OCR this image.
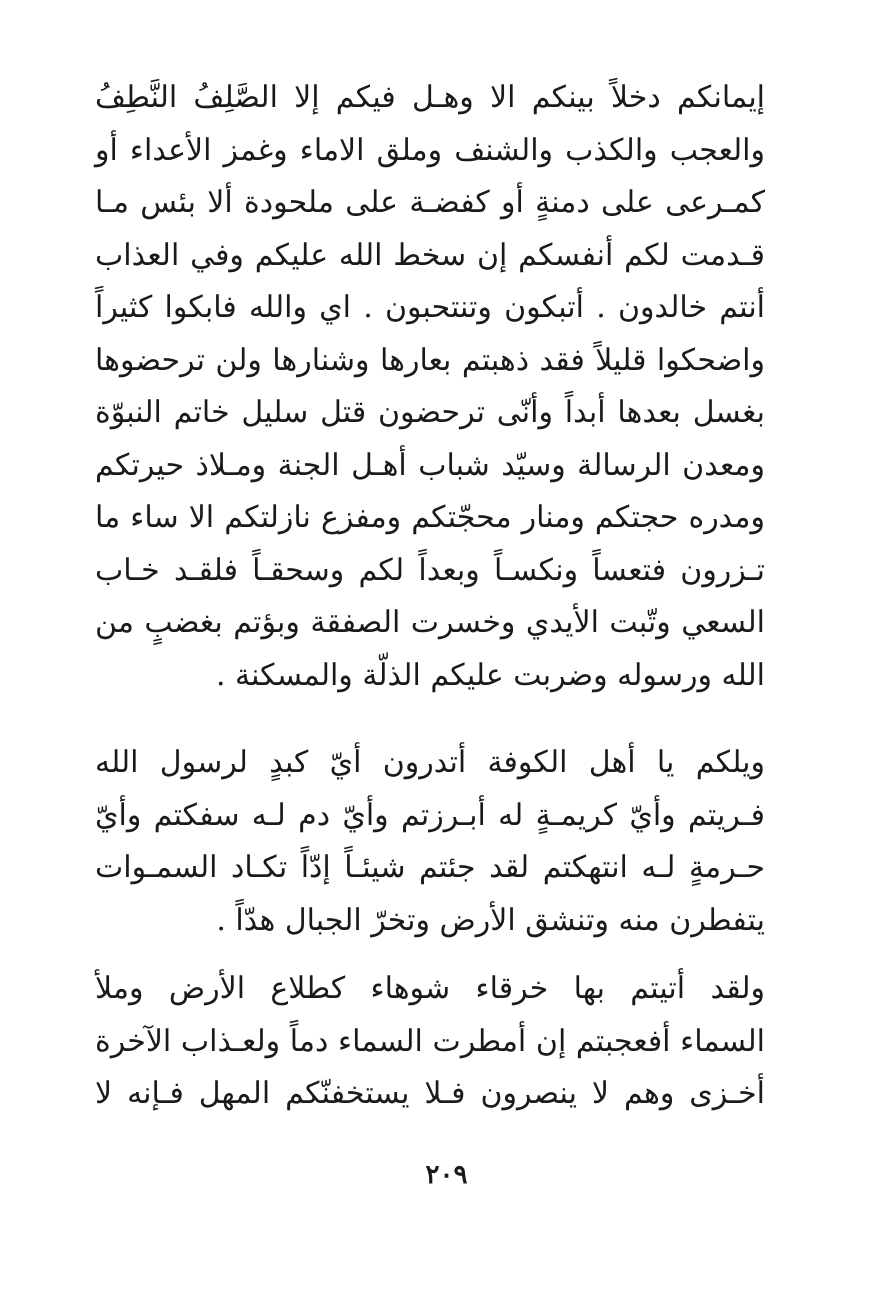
إيمانكم دخلاً بينكم الا وهـل فيكم إلا الصَّلِفُ النَّطِفُ
والعجب والكذب والشنف وملق الاماء وغمز الأعداء أو
كمـرعى على دمنةٍ أو كفضـة على ملحودة ألا بئس مـا
قـدمت لكم أنفسكم إن سخط الله عليكم وفي العذاب
أنتم خالدون . أتبكون وتنتحبون . اي والله فابكوا كثيراً
واضحكوا قليلاً فقد ذهبتم بعارها وشنارها ولن ترحضوها
بغسل بعدها أبداً وأنّى ترحضون قتل سليل خاتم النبوّة
ومعدن الرسالة وسيّد شباب أهـل الجنة ومـلاذ حيرتكم
ومدره حجتكم ومنار محجّتكم ومفزع نازلتكم الا ساء ما
تـزرون فتعساً ونكسـاً وبعداً لكم وسحقـاً فلقـد خـاب
السعي وتّبت الأيدي وخسرت الصفقة وبؤتم بغضبٍ من
الله ورسوله وضربت عليكم الذلّة والمسكنة .
ويلكم يا أهل الكوفة أتدرون أيّ كبدٍ لرسول الله
فـريتم وأيّ كريمـةٍ له أبـرزتم وأيّ دم لـه سفكتم وأيّ
حـرمةٍ لـه انتهكتم لقد جئتم شيئـاً إدّاً تكـاد السمـوات
يتفطرن منه وتنشق الأرض وتخرّ الجبال هدّاً .
ولقد أتيتم بها خرقاء شوهاء كطلاع الأرض وملأ
السماء أفعجبتم إن أمطرت السماء دماً ولعـذاب الآخرة
أخـزى وهم لا ينصرون فـلا يستخفنّكم المهل فـإنه لا
٢٠٩
